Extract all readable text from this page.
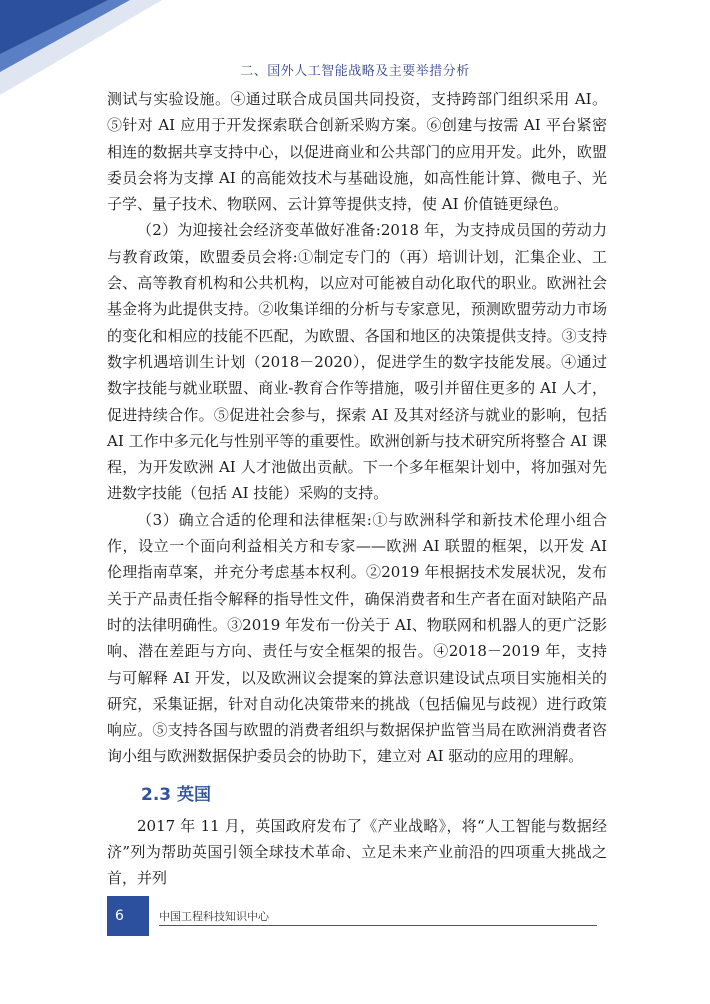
二、国外人工智能战略及主要举措分析

测试与实验设施。④通过联合成员国共同投资，支持跨部门组织采用 AI。⑤针对 AI 应用于开发探索联合创新采购方案。⑥创建与按需 AI 平台紧密相连的数据共享支持中心，以促进商业和公共部门的应用开发。此外，欧盟委员会将为支撑 AI 的高能效技术与基础设施，如高性能计算、微电子、光子学、量子技术、物联网、云计算等提供支持，使 AI 价值链更绿色。

（2）为迎接社会经济变革做好准备:2018 年，为支持成员国的劳动力与教育政策，欧盟委员会将:①制定专门的（再）培训计划，汇集企业、工会、高等教育机构和公共机构，以应对可能被自动化取代的职业。欧洲社会基金将为此提供支持。②收集详细的分析与专家意见，预测欧盟劳动力市场的变化和相应的技能不匹配，为欧盟、各国和地区的决策提供支持。③支持数字机遇培训生计划（2018－2020），促进学生的数字技能发展。④通过数字技能与就业联盟、商业-教育合作等措施，吸引并留住更多的 AI 人才，促进持续合作。⑤促进社会参与，探索 AI 及其对经济与就业的影响，包括 AI 工作中多元化与性别平等的重要性。欧洲创新与技术研究所将整合 AI 课程，为开发欧洲 AI 人才池做出贡献。下一个多年框架计划中，将加强对先进数字技能（包括 AI 技能）采购的支持。

（3）确立合适的伦理和法律框架:①与欧洲科学和新技术伦理小组合作，设立一个面向利益相关方和专家——欧洲 AI 联盟的框架，以开发 AI 伦理指南草案，并充分考虑基本权利。②2019 年根据技术发展状况，发布关于产品责任指令解释的指导性文件，确保消费者和生产者在面对缺陷产品时的法律明确性。③2019 年发布一份关于 AI、物联网和机器人的更广泛影响、潜在差距与方向、责任与安全框架的报告。④2018－2019 年，支持与可解释 AI 开发，以及欧洲议会提案的算法意识建设试点项目实施相关的研究，采集证据，针对自动化决策带来的挑战（包括偏见与歧视）进行政策响应。⑤支持各国与欧盟的消费者组织与数据保护监管当局在欧洲消费者咨询小组与欧洲数据保护委员会的协助下，建立对 AI 驱动的应用的理解。

2.3 英国

2017 年 11 月，英国政府发布了《产业战略》，将“人工智能与数据经济”列为帮助英国引领全球技术革命、立足未来产业前沿的四项重大挑战之首，并列

6	中国工程科技知识中心
